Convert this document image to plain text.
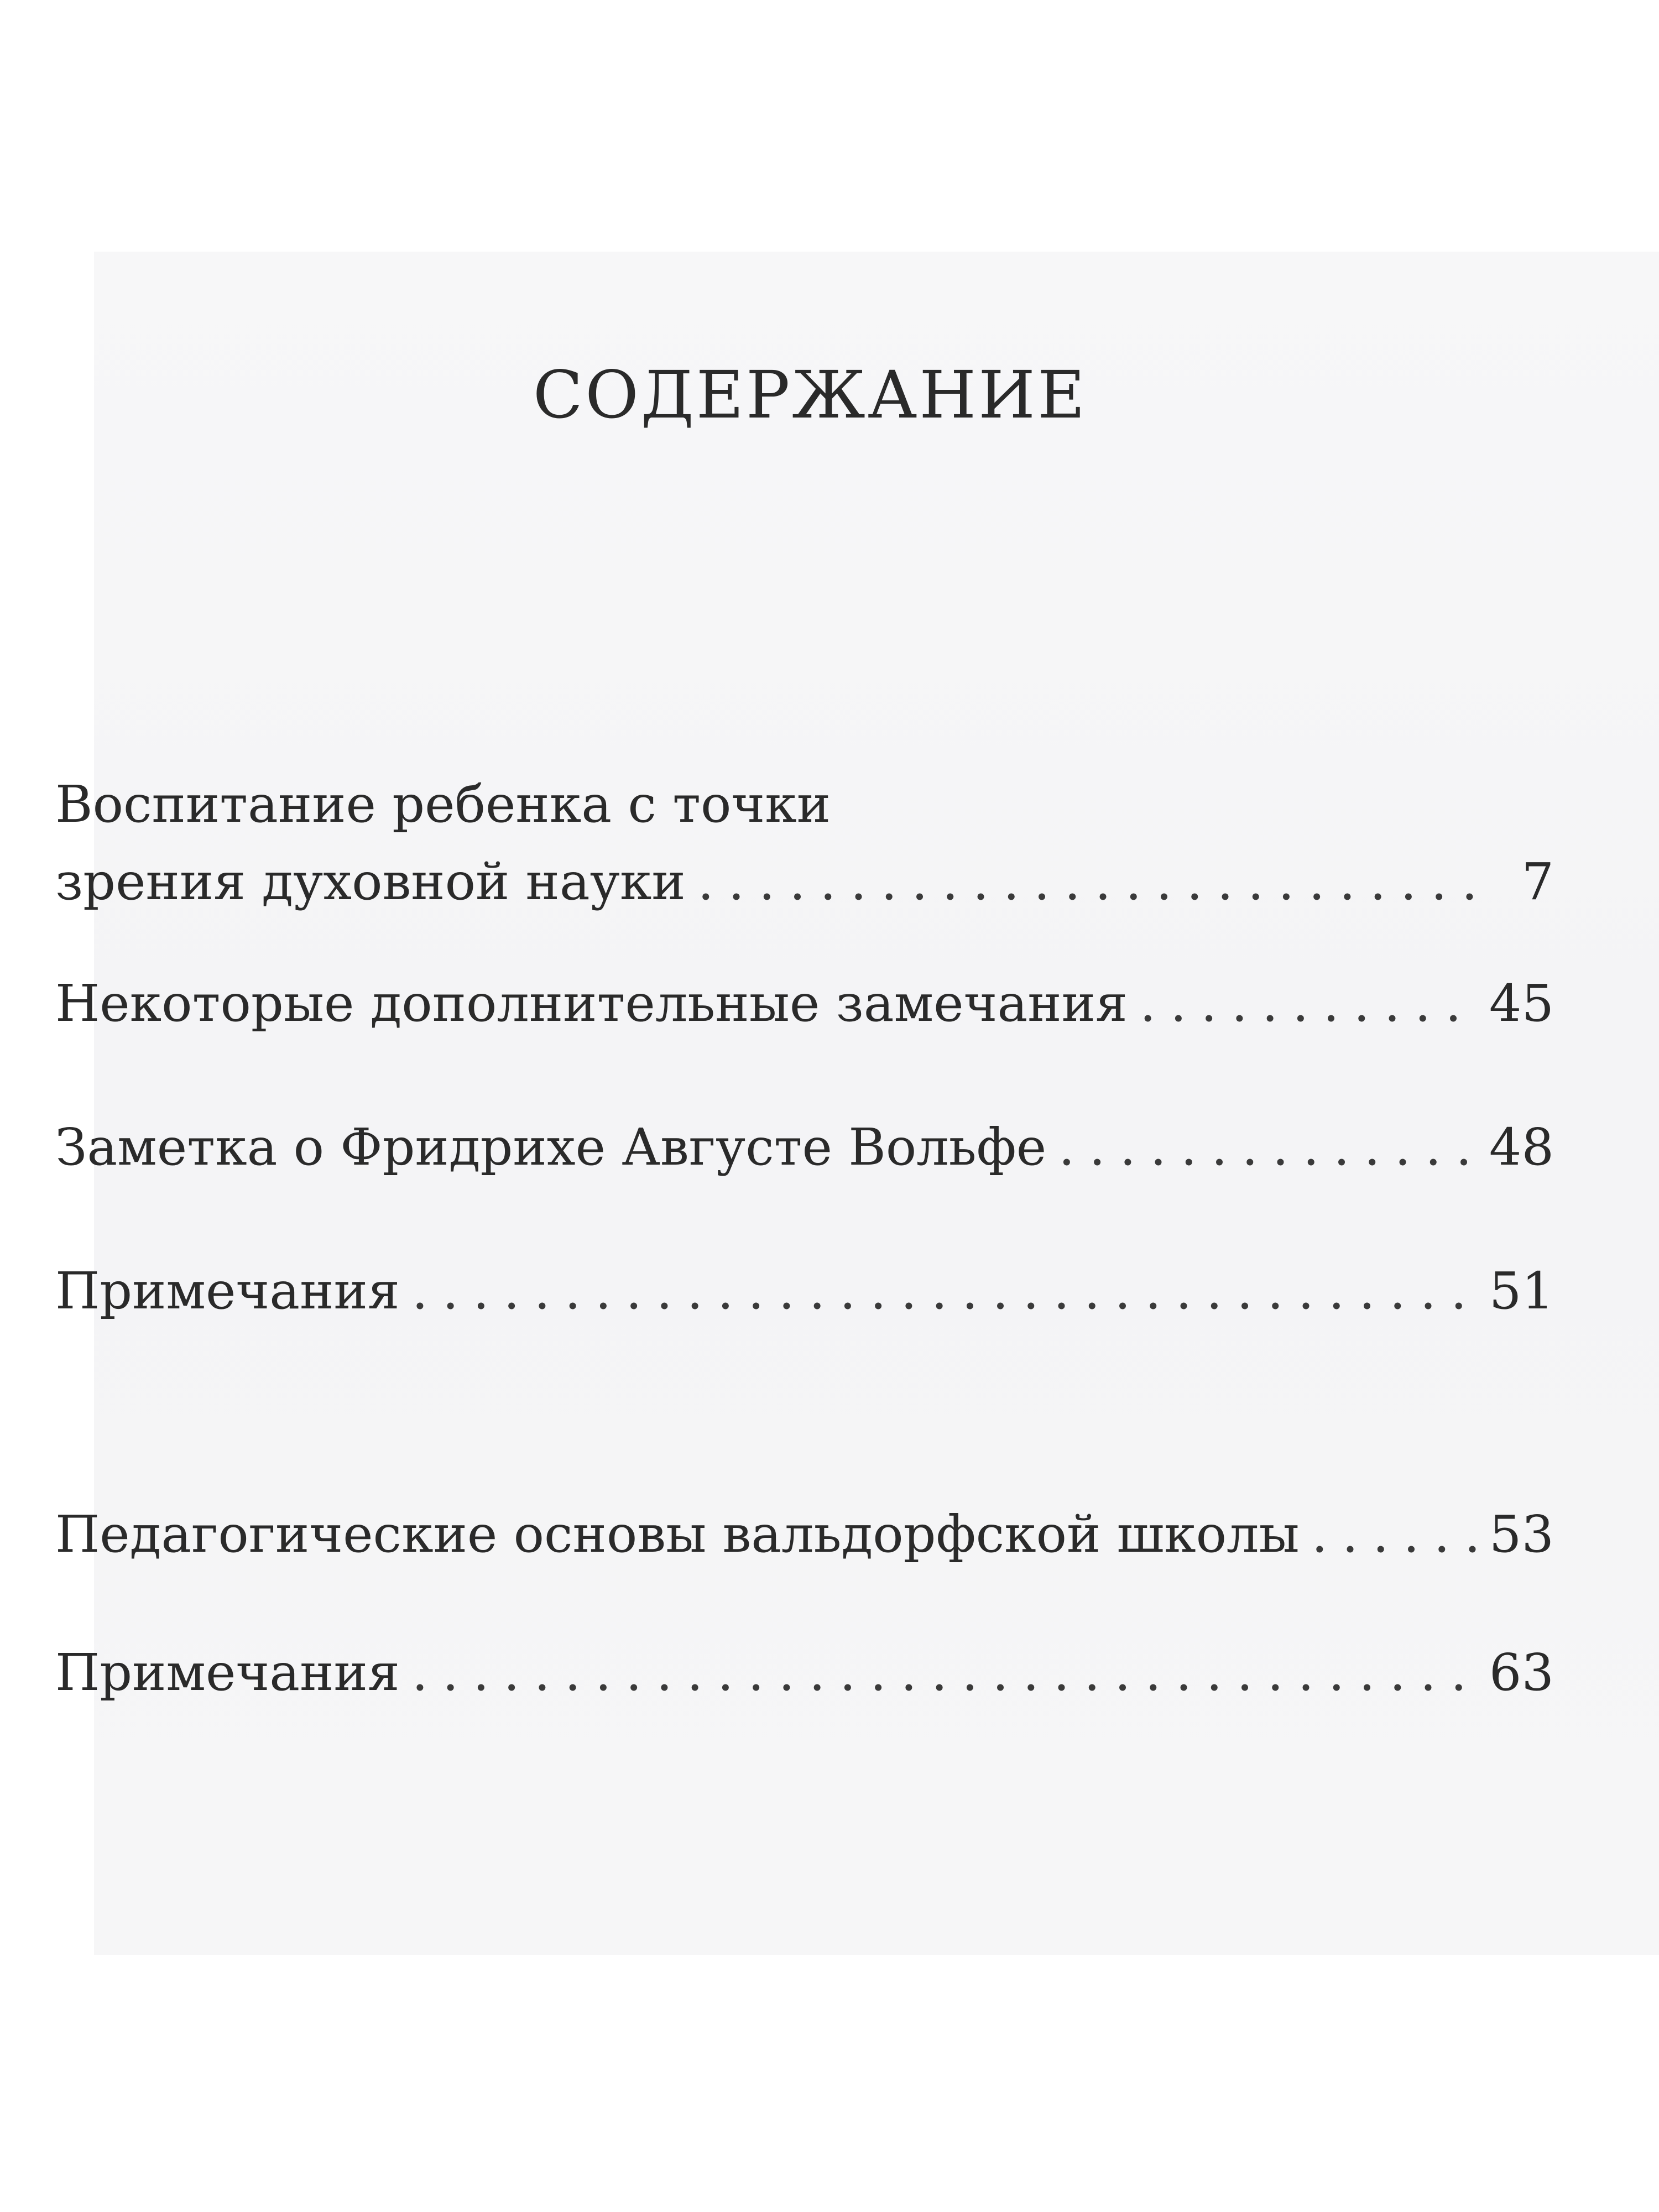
СОДЕРЖАНИЕ
Воспитание ребенка с точки
зрения духовной науки .....	7
Некоторые дополнительные замечания .....	45
Заметка о Фридрихе Августе Вольфе .....	48
Примечания .....	51
Педагогические основы вальдорфской школы .....	53
Примечания .....	63
